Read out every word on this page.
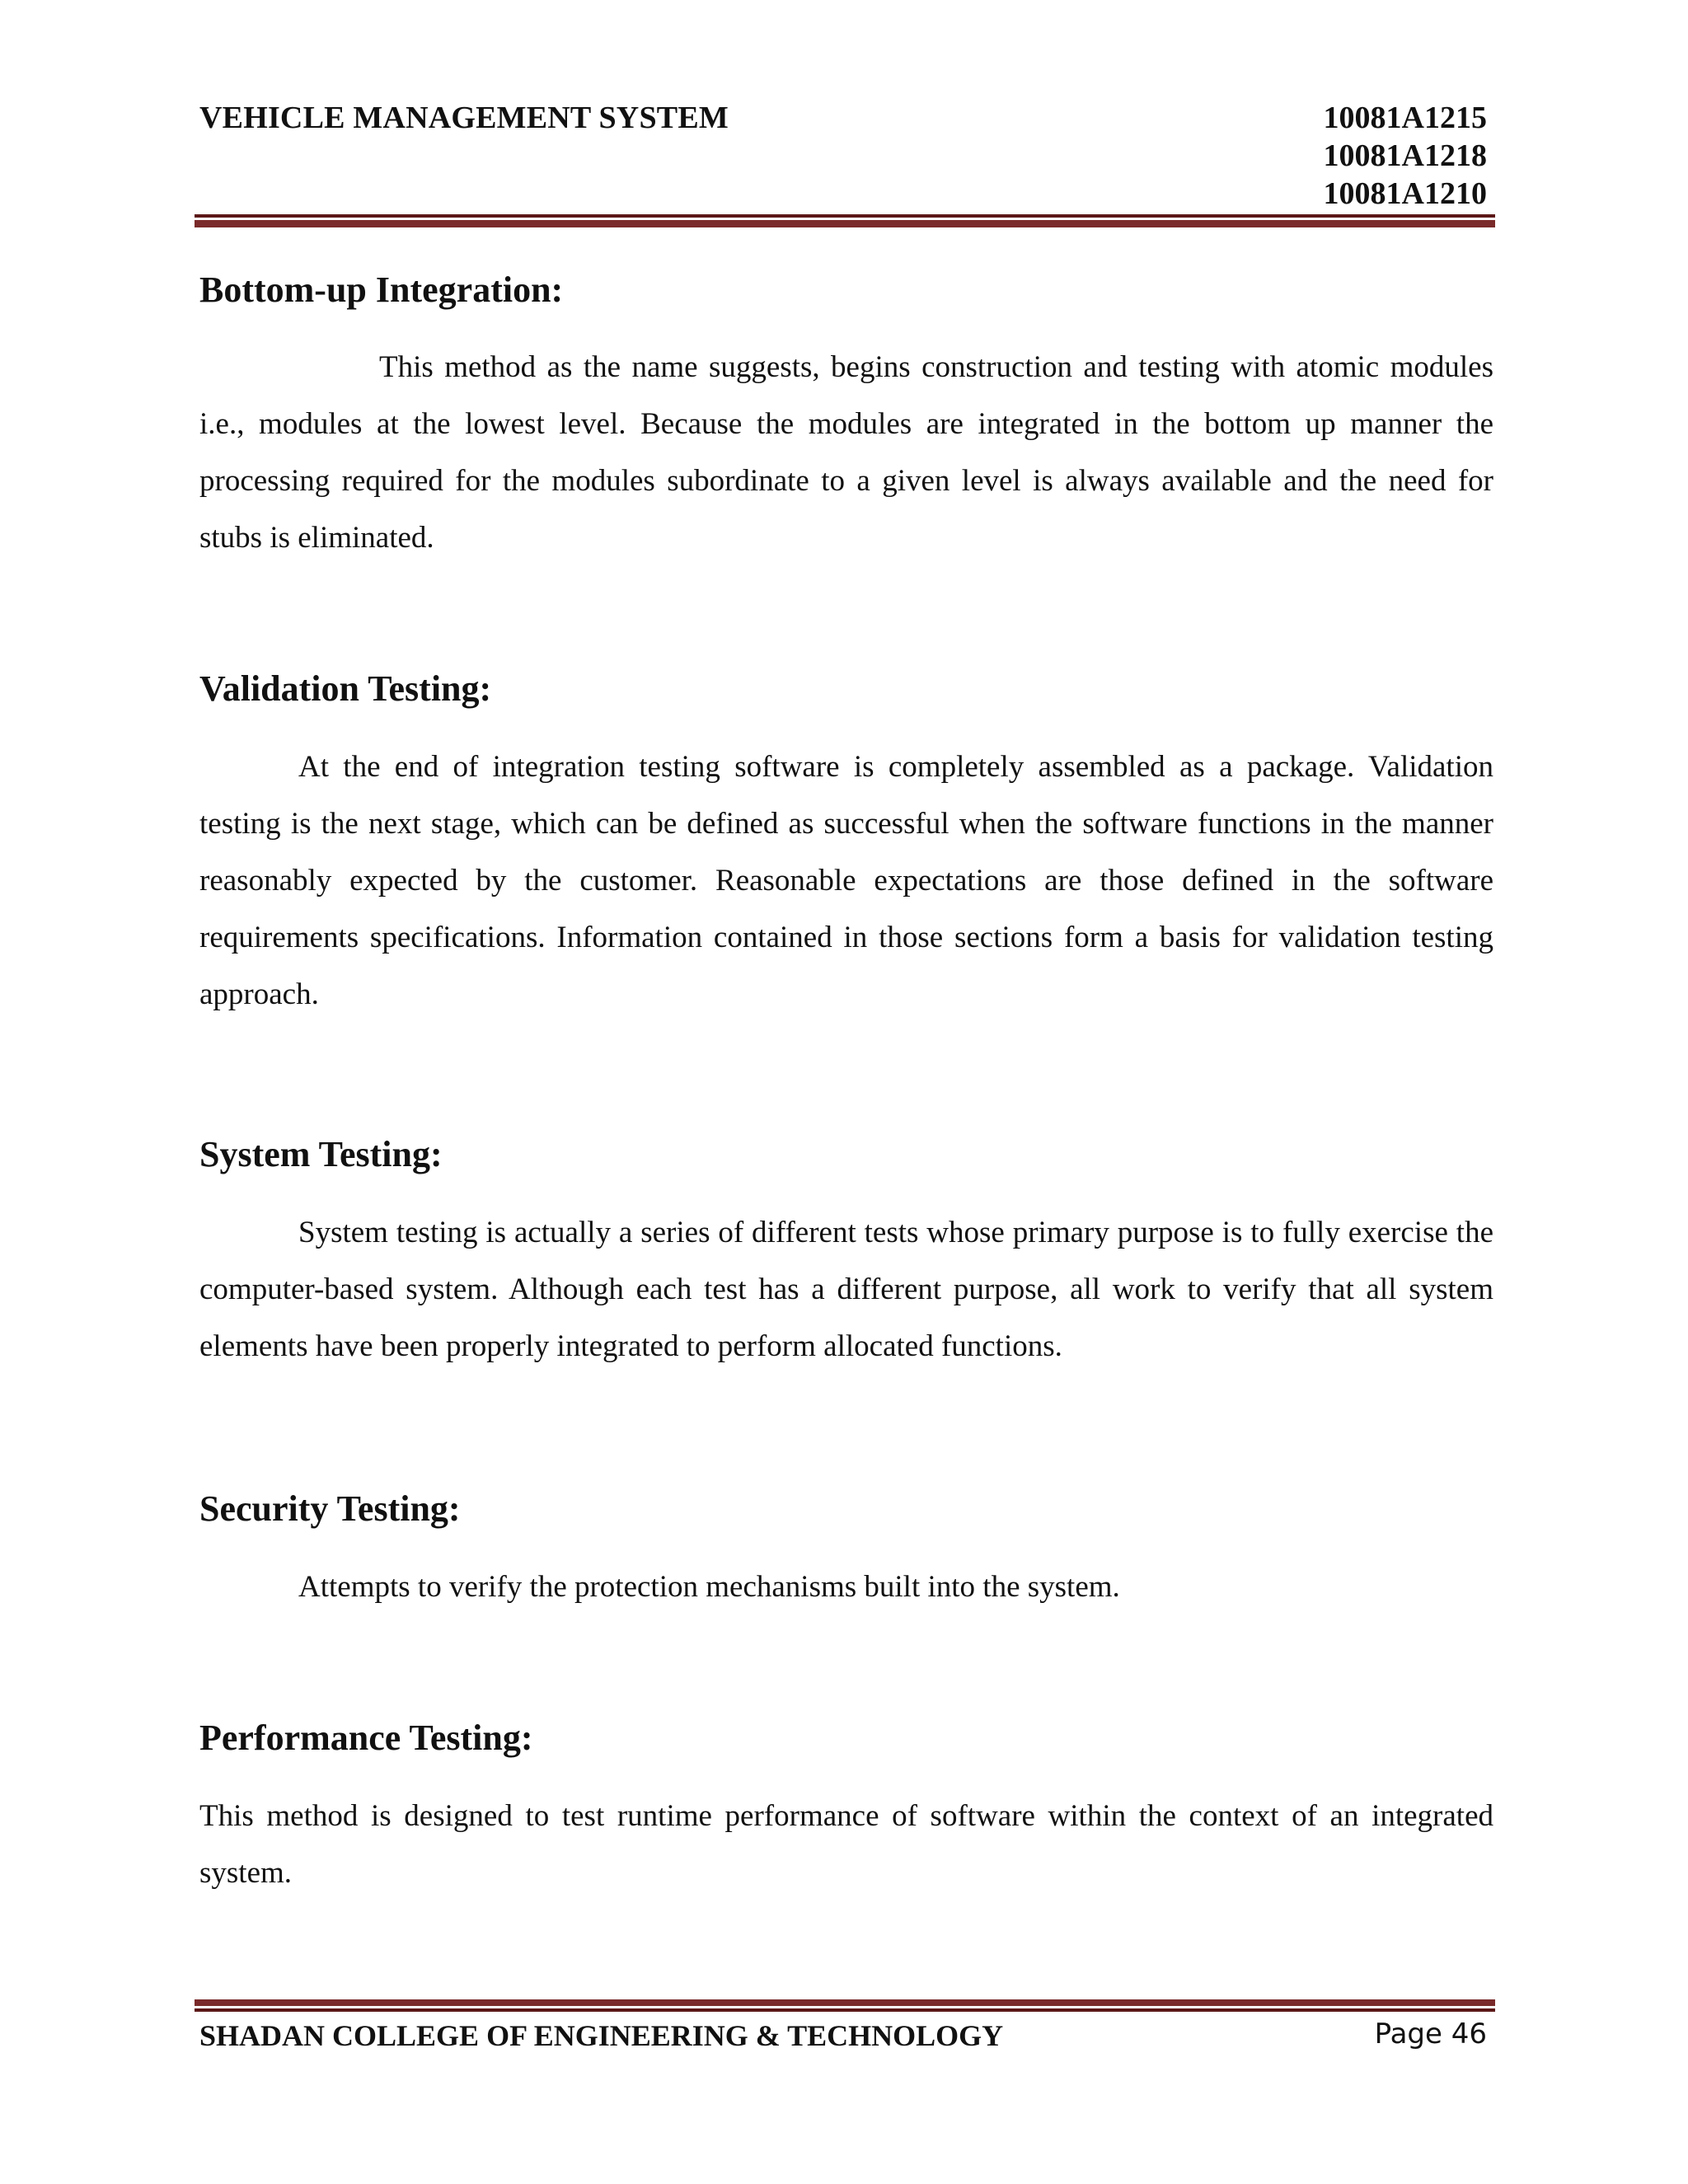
VEHICLE MANAGEMENT SYSTEM	10081A1215
10081A1218
10081A1210
Bottom-up Integration:
This method as the name suggests, begins construction and testing with atomic modules i.e., modules at the lowest level. Because the modules are integrated in the bottom up manner the processing required for the modules subordinate to a given level is always available and the need for stubs is eliminated.
Validation Testing:
At the end of integration testing software is completely assembled as a package. Validation testing is the next stage, which can be defined as successful when the software functions in the manner reasonably expected by the customer. Reasonable expectations are those defined in the software requirements specifications. Information contained in those sections form a basis for validation testing approach.
System Testing:
System testing is actually a series of different tests whose primary purpose is to fully exercise the computer-based system. Although each test has a different purpose, all work to verify that all system elements have been properly integrated to perform allocated functions.
Security Testing:
Attempts to verify the protection mechanisms built into the system.
Performance Testing:
This method is designed to test runtime performance of software within the context of an integrated system.
SHADAN COLLEGE OF ENGINEERING & TECHNOLOGY	Page 46
